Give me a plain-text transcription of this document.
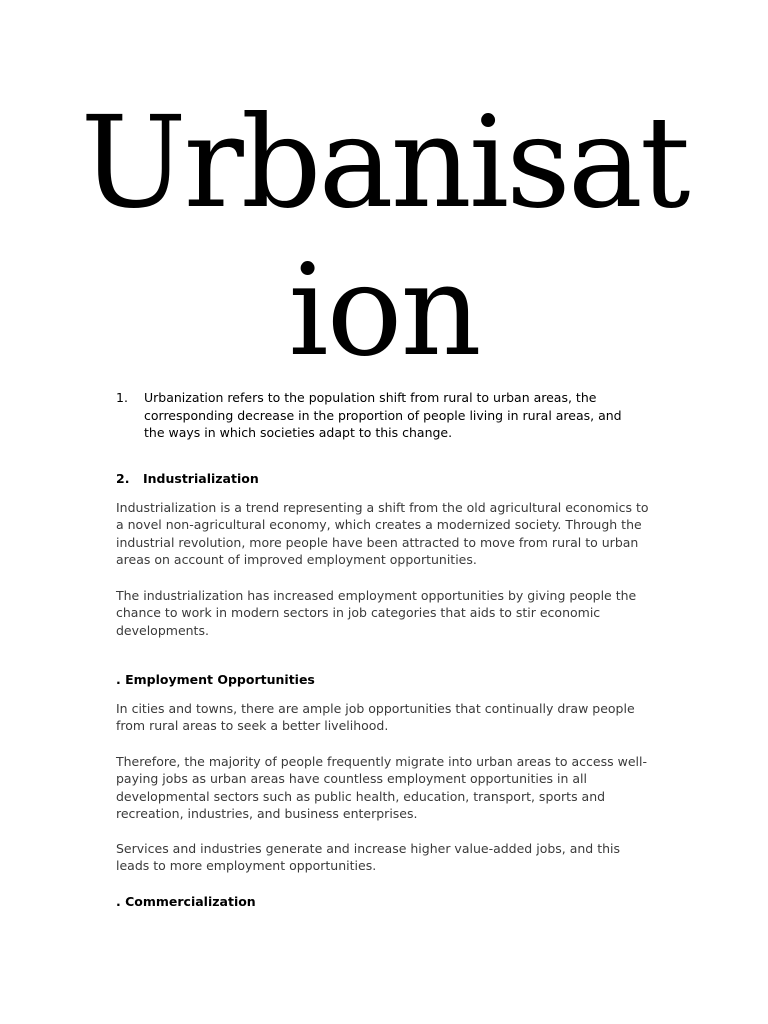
Urbanisat
ion
1. Urbanization refers to the population shift from rural to urban areas, the corresponding decrease in the proportion of people living in rural areas, and the ways in which societies adapt to this change.

2. Industrialization

Industrialization is a trend representing a shift from the old agricultural economics to a novel non-agricultural economy, which creates a modernized society. Through the industrial revolution, more people have been attracted to move from rural to urban areas on account of improved employment opportunities.

The industrialization has increased employment opportunities by giving people the chance to work in modern sectors in job categories that aids to stir economic developments.

. Employment Opportunities

In cities and towns, there are ample job opportunities that continually draw people from rural areas to seek a better livelihood.

Therefore, the majority of people frequently migrate into urban areas to access well-paying jobs as urban areas have countless employment opportunities in all developmental sectors such as public health, education, transport, sports and recreation, industries, and business enterprises.

Services and industries generate and increase higher value-added jobs, and this leads to more employment opportunities.

. Commercialization
